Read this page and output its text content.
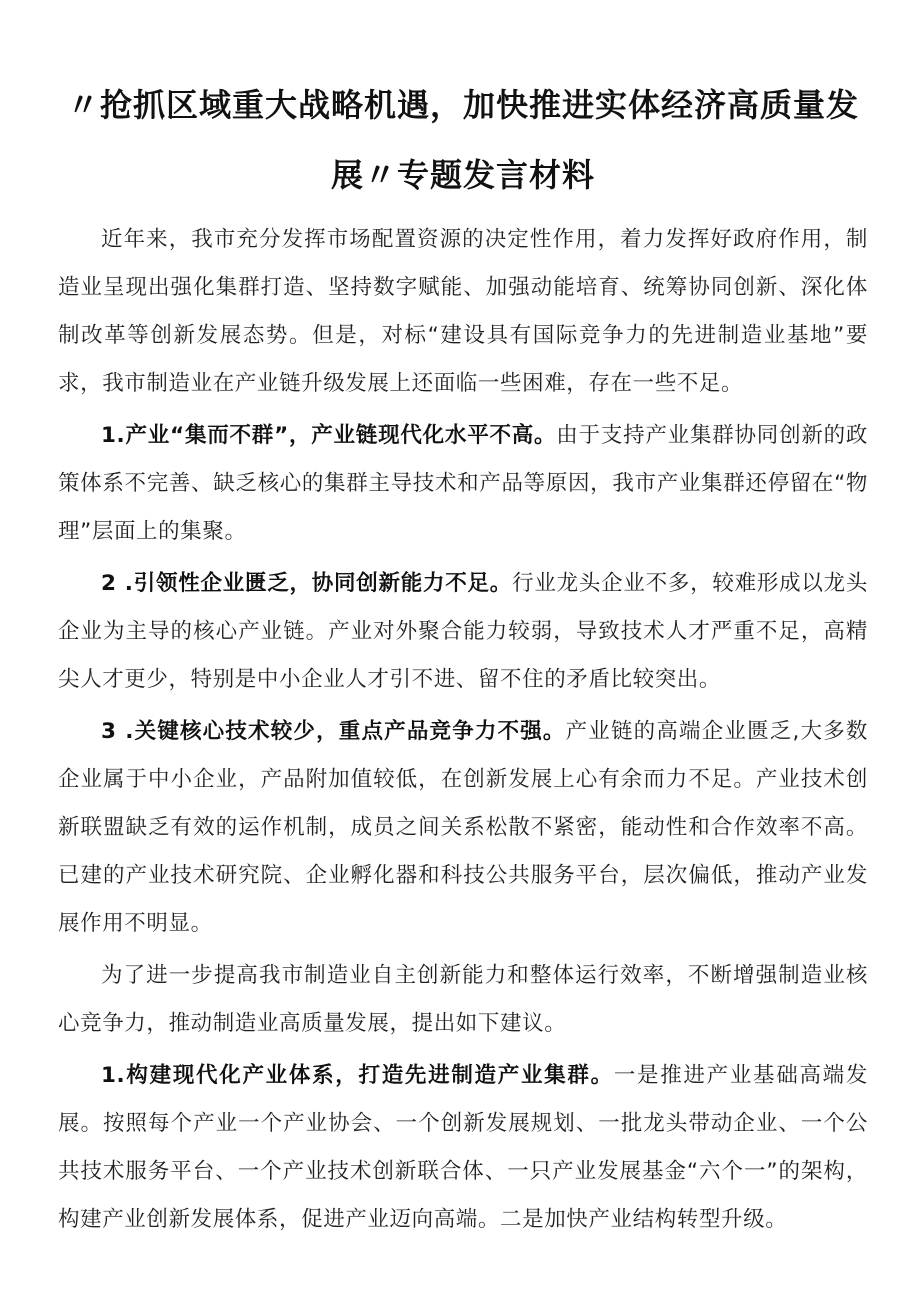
〃抢抓区域重大战略机遇，加快推进实体经济高质量发展〃专题发言材料

近年来，我市充分发挥市场配置资源的决定性作用，着力发挥好政府作用，制造业呈现出强化集群打造、坚持数字赋能、加强动能培育、统筹协同创新、深化体制改革等创新发展态势。但是，对标“建设具有国际竞争力的先进制造业基地”要求，我市制造业在产业链升级发展上还面临一些困难，存在一些不足。

1.产业“集而不群”，产业链现代化水平不高。由于支持产业集群协同创新的政策体系不完善、缺乏核心的集群主导技术和产品等原因，我市产业集群还停留在“物理”层面上的集聚。

2 .引领性企业匮乏，协同创新能力不足。行业龙头企业不多，较难形成以龙头企业为主导的核心产业链。产业对外聚合能力较弱，导致技术人才严重不足，高精尖人才更少，特别是中小企业人才引不进、留不住的矛盾比较突出。

3 .关键核心技术较少，重点产品竞争力不强。产业链的高端企业匮乏,大多数企业属于中小企业，产品附加值较低，在创新发展上心有余而力不足。产业技术创新联盟缺乏有效的运作机制，成员之间关系松散不紧密，能动性和合作效率不高。已建的产业技术研究院、企业孵化器和科技公共服务平台，层次偏低，推动产业发展作用不明显。

为了进一步提高我市制造业自主创新能力和整体运行效率，不断增强制造业核心竞争力，推动制造业高质量发展，提出如下建议。

1.构建现代化产业体系，打造先进制造产业集群。一是推进产业基础高端发展。按照每个产业一个产业协会、一个创新发展规划、一批龙头带动企业、一个公共技术服务平台、一个产业技术创新联合体、一只产业发展基金“六个一”的架构，构建产业创新发展体系，促进产业迈向高端。二是加快产业结构转型升级。
